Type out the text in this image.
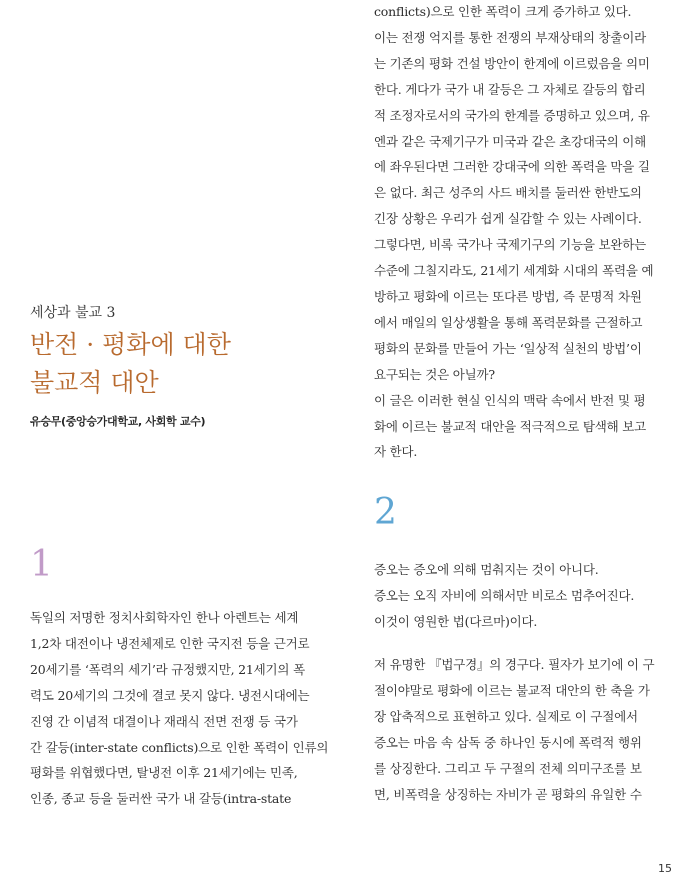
세상과 불교 3
반전 · 평화에 대한
불교적 대안
유승무(중앙승가대학교, 사회학 교수)
1
2
독일의 저명한 정치사회학자인 한나 아렌트는 세계
1,2차 대전이나 냉전체제로 인한 국지전 등을 근거로
20세기를 ‘폭력의 세기’라 규정했지만, 21세기의 폭
력도 20세기의 그것에 결코 못지 않다. 냉전시대에는
진영 간 이념적 대결이나 재래식 전면 전쟁 등 국가
간 갈등(inter-state conflicts)으로 인한 폭력이 인류의
평화를 위협했다면, 탈냉전 이후 21세기에는 민족,
인종, 종교 등을 둘러싼 국가 내 갈등(intra-state
conflicts)으로 인한 폭력이 크게 증가하고 있다.
이는 전쟁 억지를 통한 전쟁의 부재상태의 창출이라
는 기존의 평화 건설 방안이 한계에 이르렀음을 의미
한다. 게다가 국가 내 갈등은 그 자체로 갈등의 합리
적 조정자로서의 국가의 한계를 증명하고 있으며, 유
엔과 같은 국제기구가 미국과 같은 초강대국의 이해
에 좌우된다면 그러한 강대국에 의한 폭력을 막을 길
은 없다. 최근 성주의 사드 배치를 둘러싼 한반도의
긴장 상황은 우리가 쉽게 실감할 수 있는 사례이다.
그렇다면, 비록 국가나 국제기구의 기능을 보완하는
수준에 그칠지라도, 21세기 세계화 시대의 폭력을 예
방하고 평화에 이르는 또다른 방법, 즉 문명적 차원
에서 매일의 일상생활을 통해 폭력문화를 근절하고
평화의 문화를 만들어 가는 ‘일상적 실천의 방법’이
요구되는 것은 아닐까?
이 글은 이러한 현실 인식의 맥락 속에서 반전 및 평
화에 이르는 불교적 대안을 적극적으로 탐색해 보고
자 한다.
증오는 증오에 의해 멈춰지는 것이 아니다.
증오는 오직 자비에 의해서만 비로소 멈추어진다.
이것이 영원한 법(다르마)이다.
저 유명한 『법구경』의 경구다. 필자가 보기에 이 구
절이야말로 평화에 이르는 불교적 대안의 한 축을 가
장 압축적으로 표현하고 있다. 실제로 이 구절에서
증오는 마음 속 삼독 중 하나인 동시에 폭력적 행위
를 상징한다. 그리고 두 구절의 전체 의미구조를 보
면, 비폭력을 상징하는 자비가 곧 평화의 유일한 수
15
